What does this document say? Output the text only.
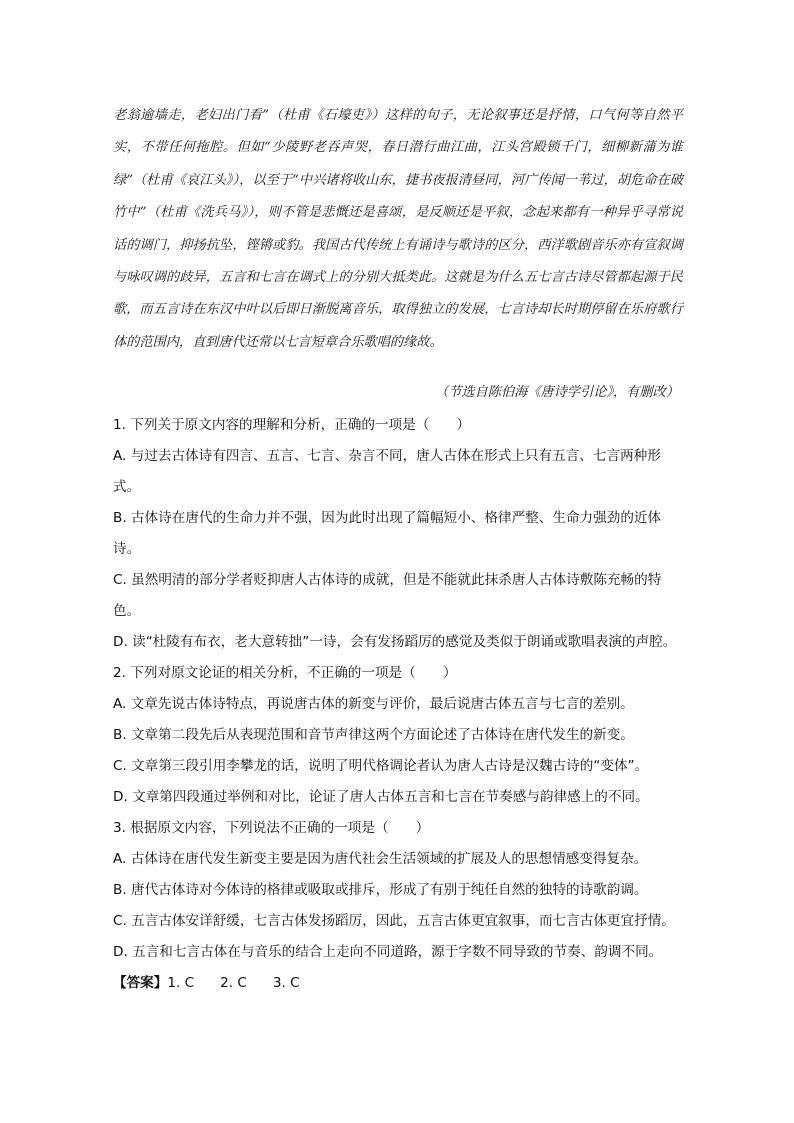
老翁逾墙走，老妇出门看”（杜甫《石壕吏》）这样的句子，无论叙事还是抒情，口气何等自然平实，不带任何拖腔。但如“少陵野老吞声哭，春日潜行曲江曲，江头宫殿锁千门，细柳新蒲为谁绿”（杜甫《哀江头》），以至于“中兴诸将收山东，捷书夜报清昼同，河广传闻一苇过，胡危命在破竹中”（杜甫《洗兵马》），则不管是悲慨还是喜颂，是反顺还是平叙，念起来都有一种异乎寻常说话的调门，抑扬抗坠，铿锵或豹。我国古代传统上有诵诗与歌诗的区分，西洋歌剧音乐亦有宣叙调与咏叹调的歧异，五言和七言在调式上的分别大抵类此。这就是为什么五七言古诗尽管都起源于民歌，而五言诗在东汉中叶以后即日渐脱离音乐，取得独立的发展，七言诗却长时期停留在乐府歌行体的范围内，直到唐代还常以七言短章合乐歌唱的缘故。

（节选自陈伯海《唐诗学引论》，有删改）
1. 下列关于原文内容的理解和分析，正确的一项是（　　）
A. 与过去古体诗有四言、五言、七言、杂言不同，唐人古体在形式上只有五言、七言两种形式。
B. 古体诗在唐代的生命力并不强，因为此时出现了篇幅短小、格律严整、生命力强劲的近体诗。
C. 虽然明清的部分学者贬抑唐人古体诗的成就，但是不能就此抹杀唐人古体诗敷陈充畅的特色。
D. 读“杜陵有布衣，老大意转拙”一诗，会有发扬蹈厉的感觉及类似于朗诵或歌唱表演的声腔。
2. 下列对原文论证的相关分析，不正确的一项是（　　）
A. 文章先说古体诗特点，再说唐古体的新变与评价，最后说唐古体五言与七言的差别。
B. 文章第二段先后从表现范围和音节声律这两个方面论述了古体诗在唐代发生的新变。
C. 文章第三段引用李攀龙的话，说明了明代格调论者认为唐人古诗是汉魏古诗的“变体”。
D. 文章第四段通过举例和对比，论证了唐人古体五言和七言在节奏感与韵律感上的不同。
3. 根据原文内容，下列说法不正确的一项是（　　）
A. 古体诗在唐代发生新变主要是因为唐代社会生活领域的扩展及人的思想情感变得复杂。
B. 唐代古体诗对今体诗的格律或吸取或排斥，形成了有别于纯任自然的独特的诗歌韵调。
C. 五言古体安详舒缓，七言古体发扬蹈厉，因此，五言古体更宜叙事，而七言古体更宜抒情。
D. 五言和七言古体在与音乐的结合上走向不同道路，源于字数不同导致的节奏、韵调不同。
【答案】1. C 2. C 3. C
